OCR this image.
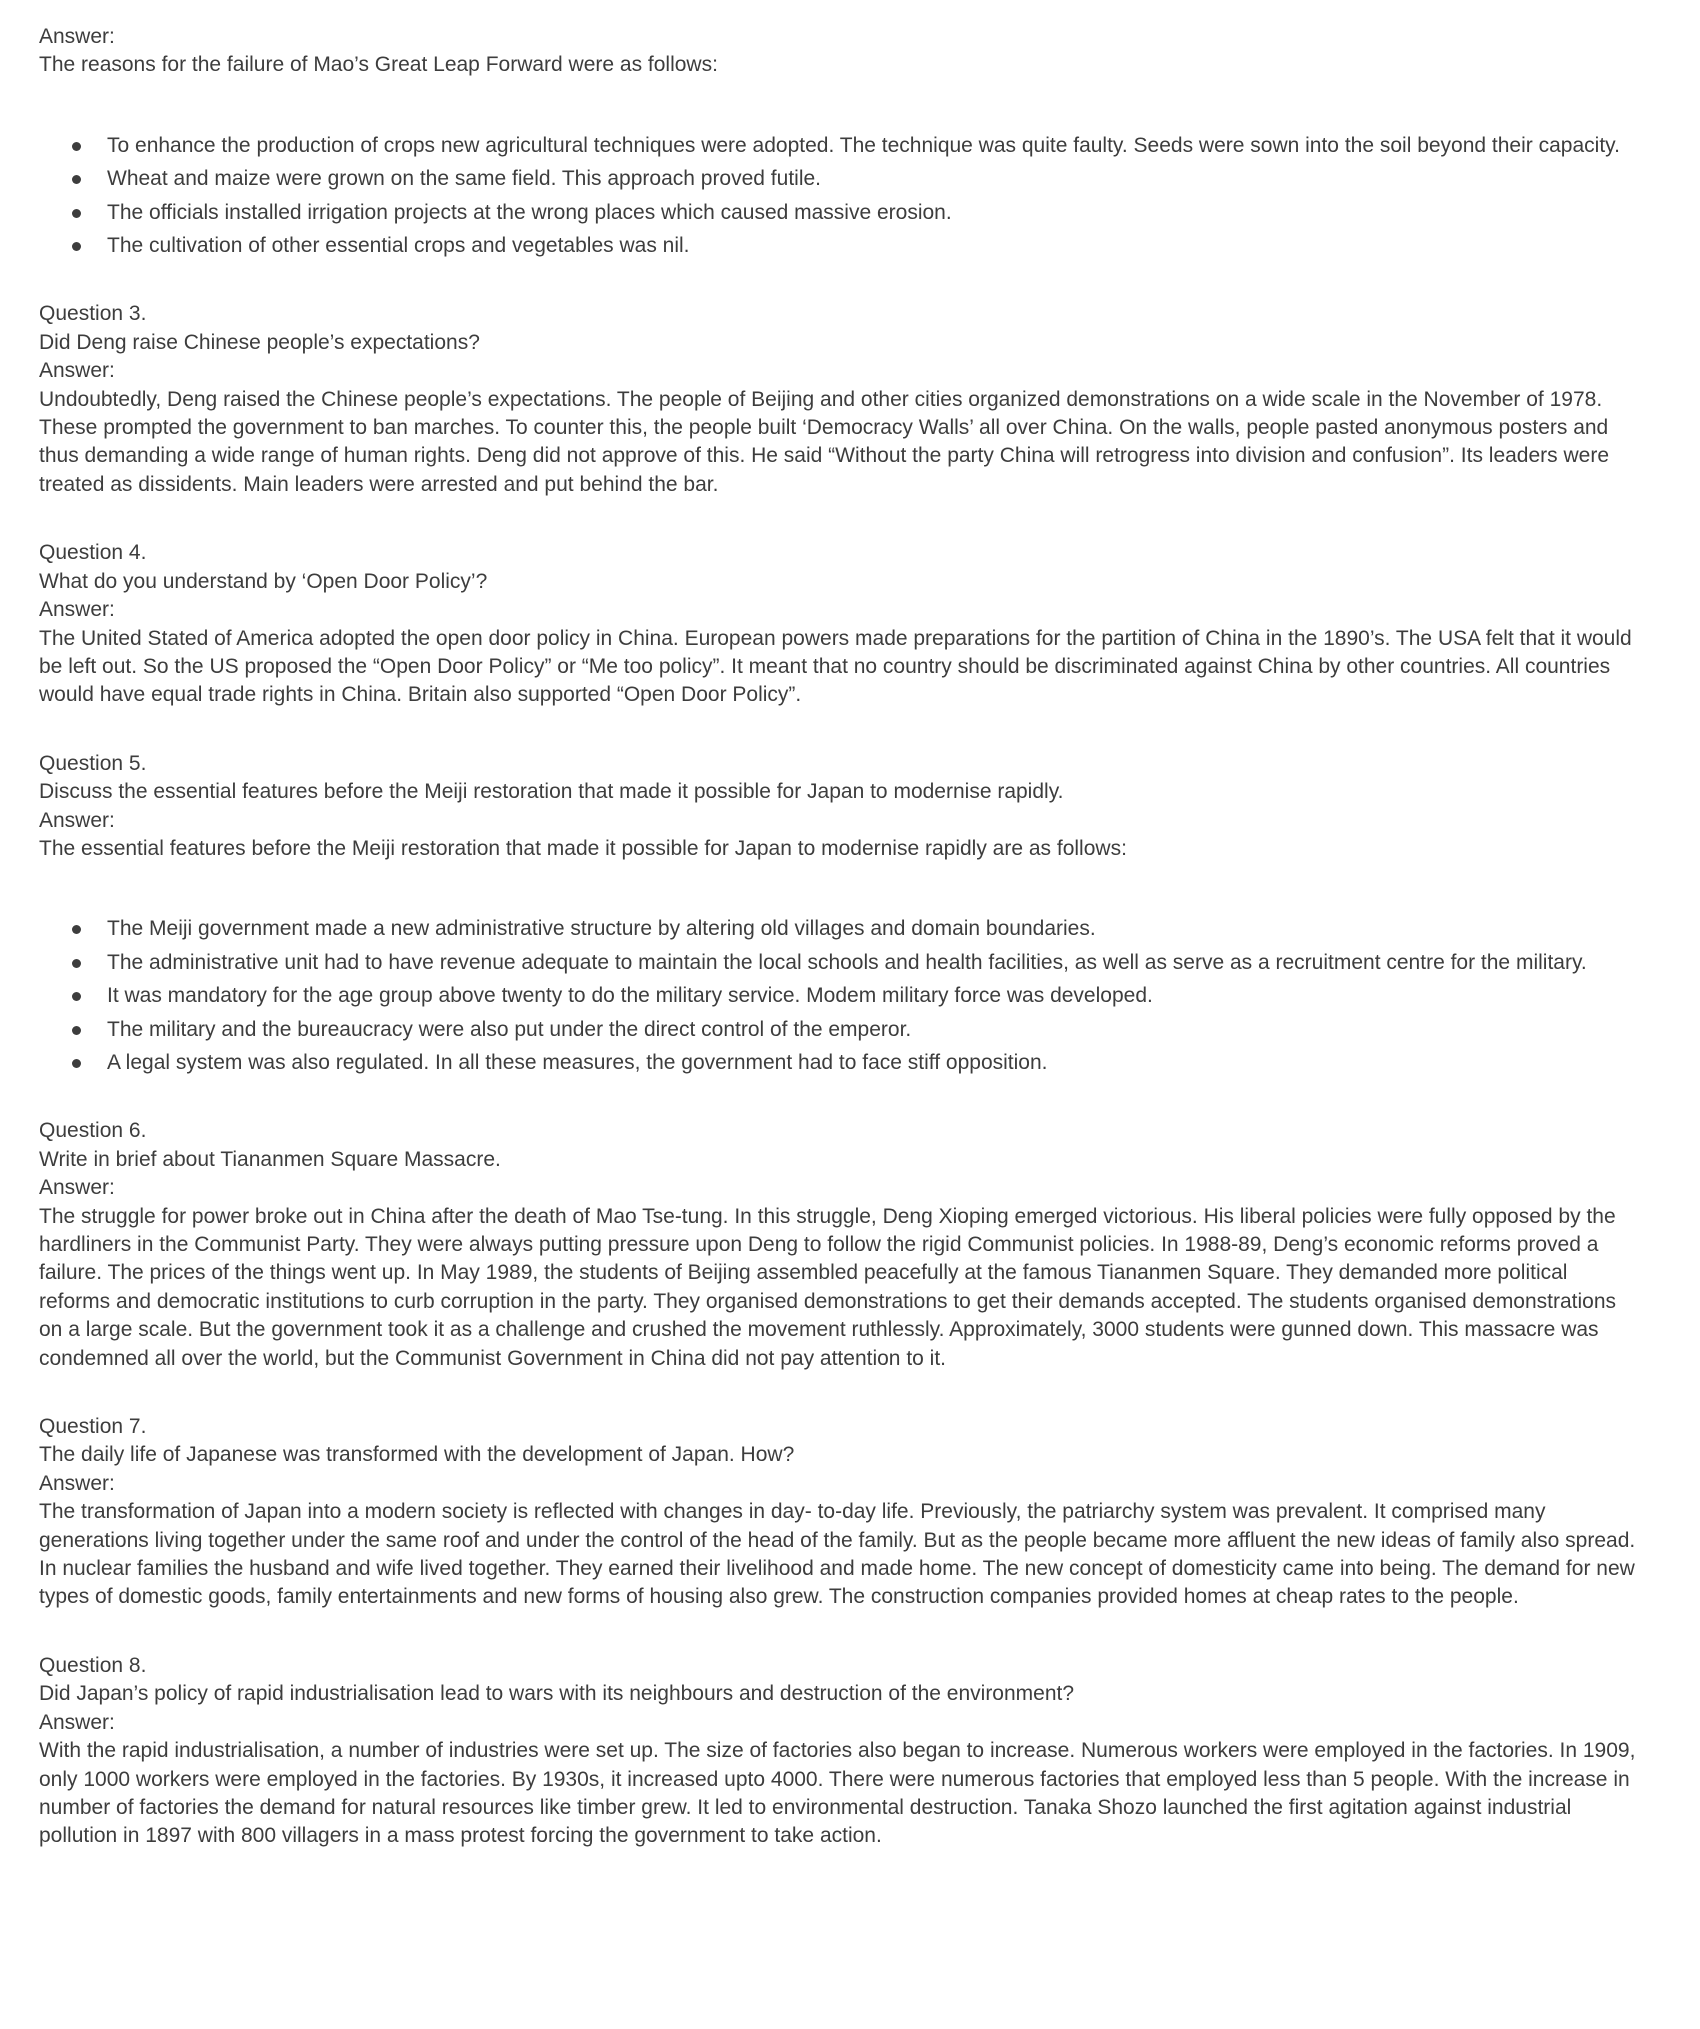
Answer:
The reasons for the failure of Mao’s Great Leap Forward were as follows:
To enhance the production of crops new agricultural techniques were adopted. The technique was quite faulty. Seeds were sown into the soil beyond their capacity.
Wheat and maize were grown on the same field. This approach proved futile.
The officials installed irrigation projects at the wrong places which caused massive erosion.
The cultivation of other essential crops and vegetables was nil.
Question 3.
Did Deng raise Chinese people’s expectations?
Answer:
Undoubtedly, Deng raised the Chinese people’s expectations. The people of Beijing and other cities organized demonstrations on a wide scale in the November of 1978. These prompted the government to ban marches. To counter this, the people built ‘Democracy Walls’ all over China. On the walls, people pasted anonymous posters and thus demanding a wide range of human rights. Deng did not approve of this. He said “Without the party China will retrogress into division and confusion”. Its leaders were treated as dissidents. Main leaders were arrested and put behind the bar.
Question 4.
What do you understand by ‘Open Door Policy’?
Answer:
The United Stated of America adopted the open door policy in China. European powers made preparations for the partition of China in the 1890’s. The USA felt that it would be left out. So the US proposed the “Open Door Policy” or “Me too policy”. It meant that no country should be discriminated against China by other countries. All countries would have equal trade rights in China. Britain also supported “Open Door Policy”.
Question 5.
Discuss the essential features before the Meiji restoration that made it possible for Japan to modernise rapidly.
Answer:
The essential features before the Meiji restoration that made it possible for Japan to modernise rapidly are as follows:
The Meiji government made a new administrative structure by altering old villages and domain boundaries.
The administrative unit had to have revenue adequate to maintain the local schools and health facilities, as well as serve as a recruitment centre for the military.
It was mandatory for the age group above twenty to do the military service. Modem military force was developed.
The military and the bureaucracy were also put under the direct control of the emperor.
A legal system was also regulated. In all these measures, the government had to face stiff opposition.
Question 6.
Write in brief about Tiananmen Square Massacre.
Answer:
The struggle for power broke out in China after the death of Mao Tse-tung. In this struggle, Deng Xioping emerged victorious. His liberal policies were fully opposed by the hardliners in the Communist Party. They were always putting pressure upon Deng to follow the rigid Communist policies. In 1988-89, Deng’s economic reforms proved a failure. The prices of the things went up. In May 1989, the students of Beijing assembled peacefully at the famous Tiananmen Square. They demanded more political reforms and democratic institutions to curb corruption in the party. They organised demonstrations to get their demands accepted. The students organised demonstrations on a large scale. But the government took it as a challenge and crushed the movement ruthlessly. Approximately, 3000 students were gunned down. This massacre was condemned all over the world, but the Communist Government in China did not pay attention to it.
Question 7.
The daily life of Japanese was transformed with the development of Japan. How?
Answer:
The transformation of Japan into a modern society is reflected with changes in day- to-day life. Previously, the patriarchy system was prevalent. It comprised many generations living together under the same roof and under the control of the head of the family. But as the people became more affluent the new ideas of family also spread. In nuclear families the husband and wife lived together. They earned their livelihood and made home. The new concept of domesticity came into being. The demand for new types of domestic goods, family entertainments and new forms of housing also grew. The construction companies provided homes at cheap rates to the people.
Question 8.
Did Japan’s policy of rapid industrialisation lead to wars with its neighbours and destruction of the environment?
Answer:
With the rapid industrialisation, a number of industries were set up. The size of factories also began to increase. Numerous workers were employed in the factories. In 1909, only 1000 workers were employed in the factories. By 1930s, it increased upto 4000. There were numerous factories that employed less than 5 people. With the increase in number of factories the demand for natural resources like timber grew. It led to environmental destruction. Tanaka Shozo launched the first agitation against industrial pollution in 1897 with 800 villagers in a mass protest forcing the government to take action.
